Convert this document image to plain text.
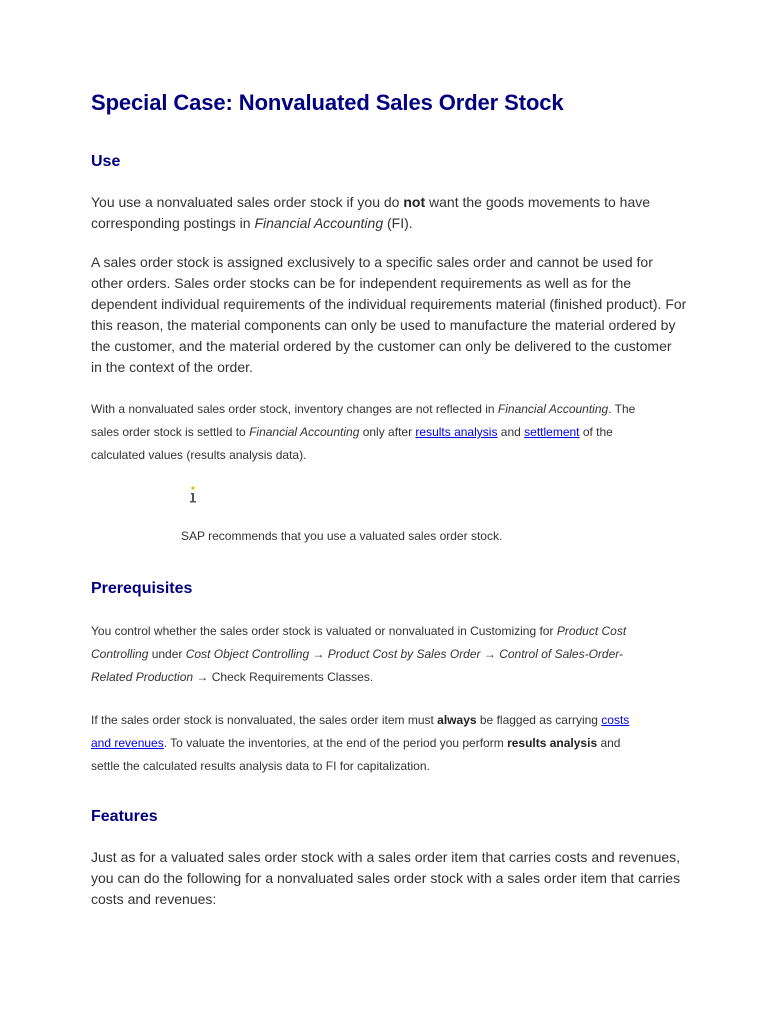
Special Case: Nonvaluated Sales Order Stock
Use

You use a nonvaluated sales order stock if you do not want the goods movements to have
corresponding postings in Financial Accounting (FI).

A sales order stock is assigned exclusively to a specific sales order and cannot be used for
other orders. Sales order stocks can be for independent requirements as well as for the
dependent individual requirements of the individual requirements material (finished product). For
this reason, the material components can only be used to manufacture the material ordered by
the customer, and the material ordered by the customer can only be delivered to the customer
in the context of the order.

With a nonvaluated sales order stock, inventory changes are not reflected in Financial Accounting. The
sales order stock is settled to Financial Accounting only after results analysis and settlement of the
calculated values (results analysis data).

SAP recommends that you use a valuated sales order stock.

Prerequisites

You control whether the sales order stock is valuated or nonvaluated in Customizing for Product Cost
Controlling under Cost Object Controlling → Product Cost by Sales Order → Control of Sales-Order-
Related Production → Check Requirements Classes.

If the sales order stock is nonvaluated, the sales order item must always be flagged as carrying costs
and revenues. To valuate the inventories, at the end of the period you perform results analysis and
settle the calculated results analysis data to FI for capitalization.

Features

Just as for a valuated sales order stock with a sales order item that carries costs and revenues,
you can do the following for a nonvaluated sales order stock with a sales order item that carries
costs and revenues:
